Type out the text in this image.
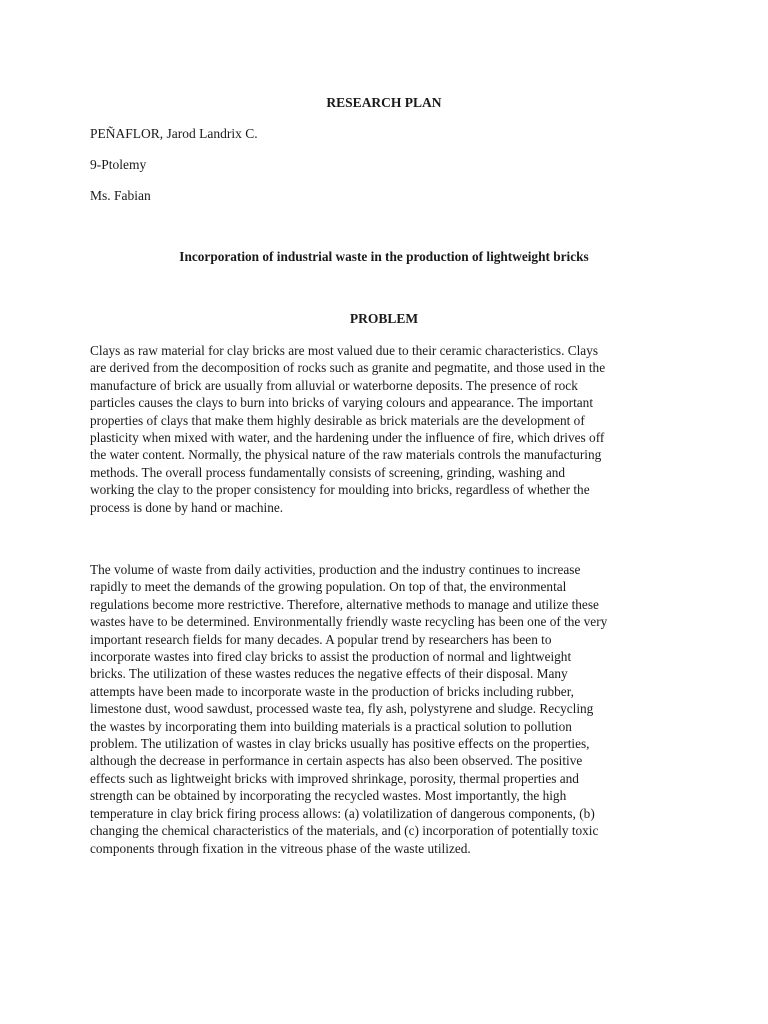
RESEARCH PLAN
PEÑAFLOR, Jarod Landrix C.
9-Ptolemy
Ms. Fabian
Incorporation of industrial waste in the production of lightweight bricks
PROBLEM
Clays as raw material for clay bricks are most valued due to their ceramic characteristics. Clays
are derived from the decomposition of rocks such as granite and pegmatite, and those used in the
manufacture of brick are usually from alluvial or waterborne deposits. The presence of rock
particles causes the clays to burn into bricks of varying colours and appearance. The important
properties of clays that make them highly desirable as brick materials are the development of
plasticity when mixed with water, and the hardening under the influence of fire, which drives off
the water content. Normally, the physical nature of the raw materials controls the manufacturing
methods. The overall process fundamentally consists of screening, grinding, washing and
working the clay to the proper consistency for moulding into bricks, regardless of whether the
process is done by hand or machine.
The volume of waste from daily activities, production and the industry continues to increase
rapidly to meet the demands of the growing population. On top of that, the environmental
regulations become more restrictive. Therefore, alternative methods to manage and utilize these
wastes have to be determined. Environmentally friendly waste recycling has been one of the very
important research fields for many decades. A popular trend by researchers has been to
incorporate wastes into fired clay bricks to assist the production of normal and lightweight
bricks. The utilization of these wastes reduces the negative effects of their disposal. Many
attempts have been made to incorporate waste in the production of bricks including rubber,
limestone dust, wood sawdust, processed waste tea, fly ash, polystyrene and sludge. Recycling
the wastes by incorporating them into building materials is a practical solution to pollution
problem. The utilization of wastes in clay bricks usually has positive effects on the properties,
although the decrease in performance in certain aspects has also been observed. The positive
effects such as lightweight bricks with improved shrinkage, porosity, thermal properties and
strength can be obtained by incorporating the recycled wastes. Most importantly, the high
temperature in clay brick firing process allows: (a) volatilization of dangerous components, (b)
changing the chemical characteristics of the materials, and (c) incorporation of potentially toxic
components through fixation in the vitreous phase of the waste utilized.
